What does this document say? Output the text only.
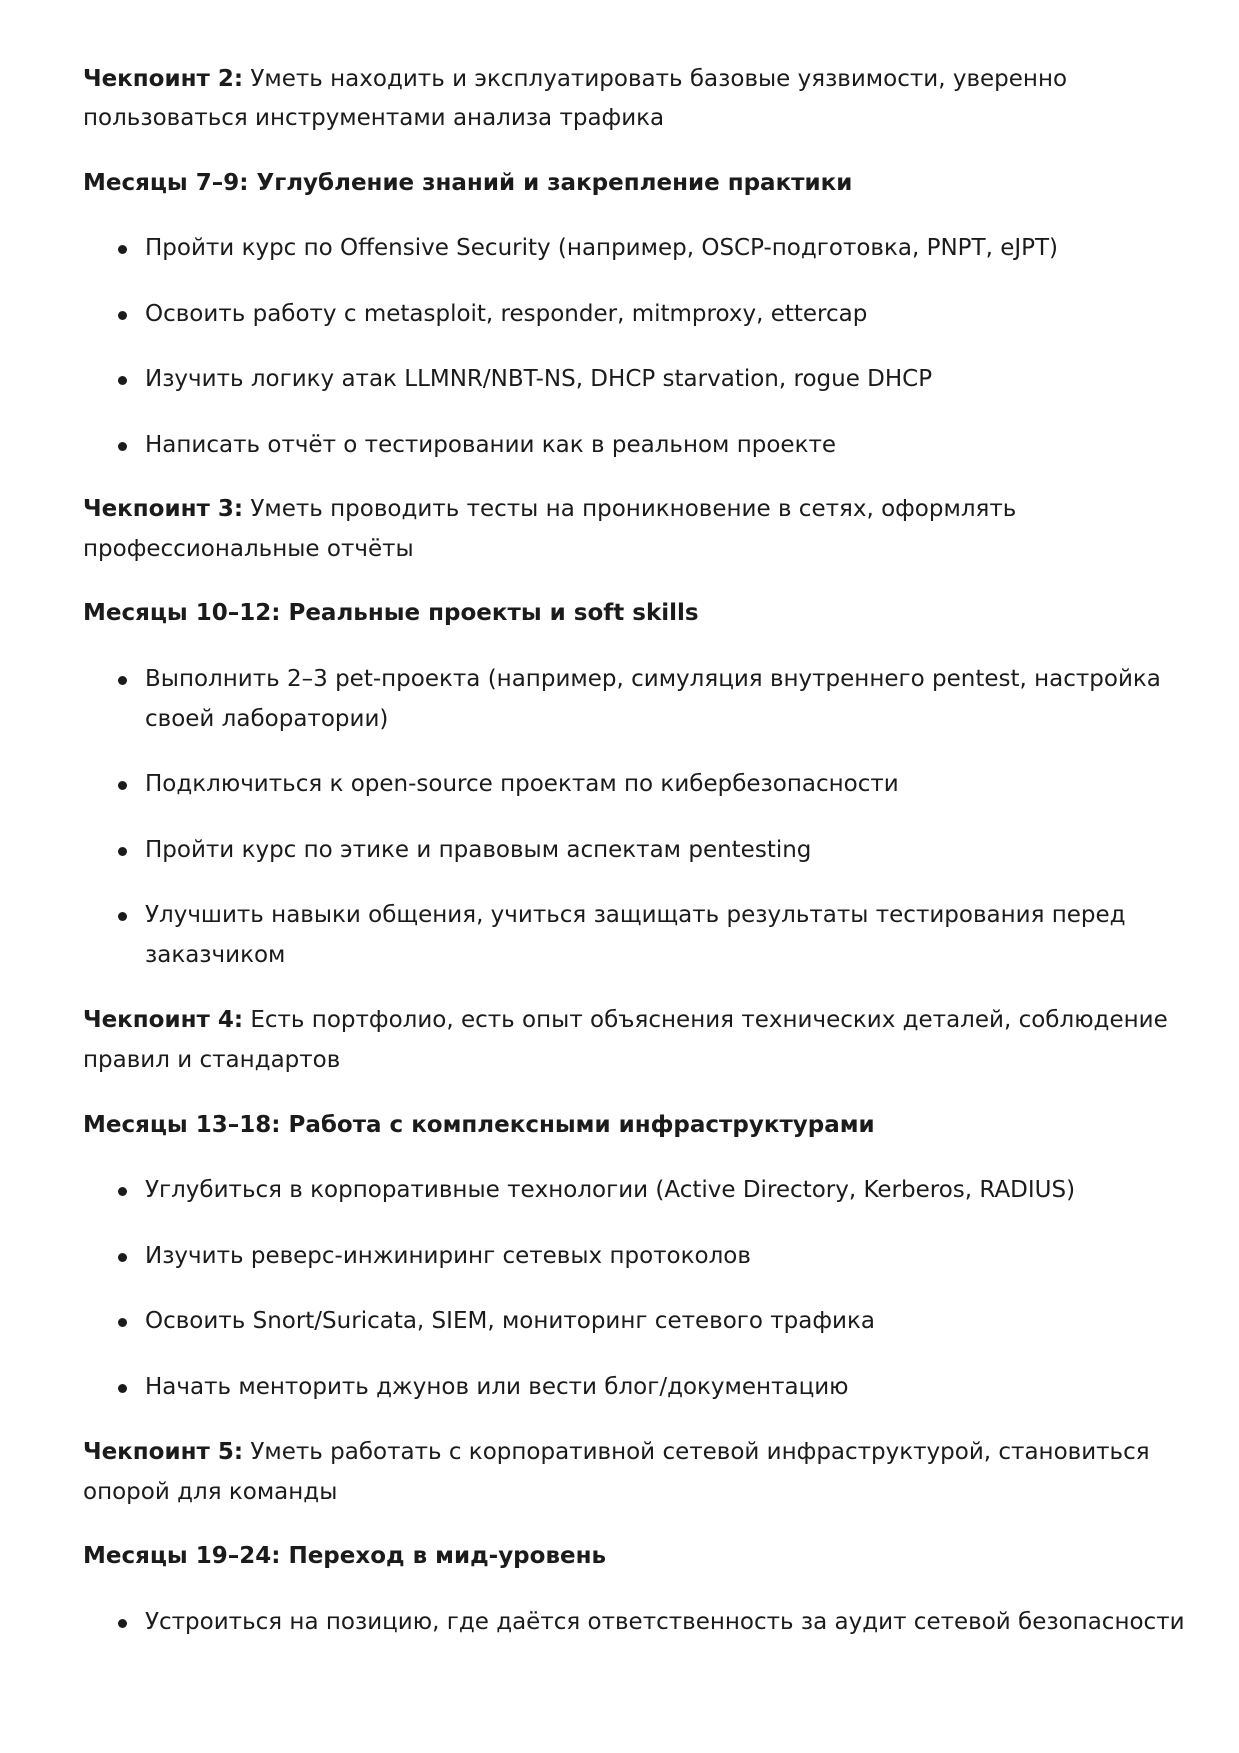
Чекпоинт 2: Уметь находить и эксплуатировать базовые уязвимости, уверенно
пользоваться инструментами анализа трафика
Месяцы 7–9: Углубление знаний и закрепление практики
Пройти курс по Offensive Security (например, OSCP-подготовка, PNPT, eJPT)
Освоить работу с metasploit, responder, mitmproxy, ettercap
Изучить логику атак LLMNR/NBT-NS, DHCP starvation, rogue DHCP
Написать отчёт о тестировании как в реальном проекте
Чекпоинт 3: Уметь проводить тесты на проникновение в сетях, оформлять
профессиональные отчёты
Месяцы 10–12: Реальные проекты и soft skills
Выполнить 2–3 pet-проекта (например, симуляция внутреннего pentest, настройка
своей лаборатории)
Подключиться к open-source проектам по кибербезопасности
Пройти курс по этике и правовым аспектам pentesting
Улучшить навыки общения, учиться защищать результаты тестирования перед
заказчиком
Чекпоинт 4: Есть портфолио, есть опыт объяснения технических деталей, соблюдение
правил и стандартов
Месяцы 13–18: Работа с комплексными инфраструктурами
Углубиться в корпоративные технологии (Active Directory, Kerberos, RADIUS)
Изучить реверс-инжиниринг сетевых протоколов
Освоить Snort/Suricata, SIEM, мониторинг сетевого трафика
Начать менторить джунов или вести блог/документацию
Чекпоинт 5: Уметь работать с корпоративной сетевой инфраструктурой, становиться
опорой для команды
Месяцы 19–24: Переход в мид-уровень
Устроиться на позицию, где даётся ответственность за аудит сетевой безопасности
